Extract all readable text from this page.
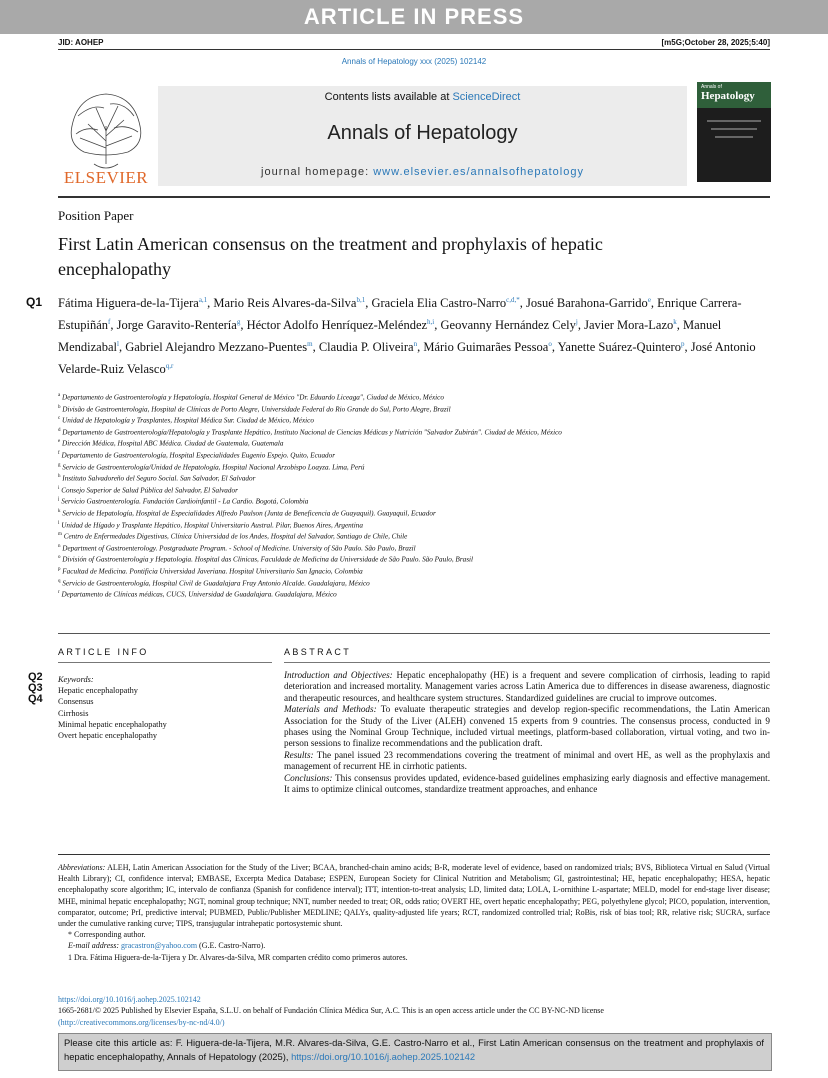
ARTICLE IN PRESS
JID: AOHEP	[m5G;October 28, 2025;5:40]
Annals of Hepatology xxx (2025) 102142
ELSEVIER
Contents lists available at ScienceDirect
Annals of Hepatology
journal homepage: www.elsevier.es/annalsofhepatology
Annals of
Hepatology
Position Paper
First Latin American consensus on the treatment and prophylaxis of hepatic encephalopathy
Q1 Fátima Higuera-de-la-Tijera$^{a,1}$, Mario Reis Alvares-da-Silva$^{b,1}$, Graciela Elia Castro-Narro$^{c,d,*}$, Josué Barahona-Garrido$^e$, Enrique Carrera-Estupiñán$^f$, Jorge Garavito-Rentería$^g$, Héctor Adolfo Henríquez-Meléndez$^{h,i}$, Geovanny Hernández Cely$^j$, Javier Mora-Lazo$^k$, Manuel Mendizabal$^l$, Gabriel Alejandro Mezzano-Puentes$^m$, Claudia P. Oliveira$^n$, Mário Guimarães Pessoa$^o$, Yanette Suárez-Quintero$^p$, José Antonio Velarde-Ruiz Velasco$^{q,r}$
$^a$ Departamento de Gastroenterología y Hepatología, Hospital General de México "Dr. Eduardo Liceaga", Ciudad de México, México
$^b$ Divisão de Gastroenterologia, Hospital de Clínicas de Porto Alegre, Universidade Federal do Rio Grande do Sul, Porto Alegre, Brazil
$^c$ Unidad de Hepatología y Trasplantes, Hospital Médica Sur. Ciudad de México, México
$^d$ Departamento de Gastroenterología/Hepatología y Trasplante Hepático, Instituto Nacional de Ciencias Médicas y Nutrición "Salvador Zubirán". Ciudad de México, México
$^e$ Dirección Médica, Hospital ABC Médica. Ciudad de Guatemala, Guatemala
$^f$ Departamento de Gastroenterología, Hospital Especialidades Eugenio Espejo. Quito, Ecuador
$^g$ Servicio de Gastroenterología/Unidad de Hepatología, Hospital Nacional Arzobispo Loayza. Lima, Perú
$^h$ Instituto Salvadoreño del Seguro Social. San Salvador, El Salvador
$^i$ Consejo Superior de Salud Pública del Salvador, El Salvador
$^j$ Servicio Gastroenterología. Fundación Cardioinfantil - La Cardio. Bogotá, Colombia
$^k$ Servicio de Hepatología, Hospital de Especialidades Alfredo Paulson (Junta de Beneficencia de Guayaquil). Guayaquil, Ecuador
$^l$ Unidad de Hígado y Trasplante Hepático, Hospital Universitario Austral. Pilar, Buenos Aires, Argentina
$^m$ Centro de Enfermedades Digestivas, Clínica Universidad de los Andes, Hospital del Salvador, Santiago de Chile, Chile
$^n$ Department of Gastroenterology. Postgraduate Program. - School of Medicine. University of São Paulo. São Paulo, Brazil
$^o$ División of Gastroenterologia y Hepatologia. Hospital das Clinicas, Faculdade de Medicina da Universidade de São Paulo. São Paulo, Brasil
$^p$ Facultad de Medicina. Pontificia Universidad Javeriana. Hospital Universitario San Ignacio, Colombia
$^q$ Servicio de Gastroenterología, Hospital Civil de Guadalajara Fray Antonio Alcalde. Guadalajara, México
$^r$ Departamento de Clínicas médicas, CUCS, Universidad de Guadalajara. Guadalajara, México
ARTICLE INFO	ABSTRACT
Q2
Q3
Q4
Keywords:
Hepatic encephalopathy
Consensus
Cirrhosis
Minimal hepatic encephalopathy
Overt hepatic encephalopathy

Introduction and Objectives: Hepatic encephalopathy (HE) is a frequent and severe complication of cirrhosis, leading to rapid deterioration and increased mortality. Management varies across Latin America due to differences in disease awareness, diagnostic and therapeutic resources, and healthcare system structures. Standardized guidelines are crucial to improve outcomes.

Materials and Methods: To evaluate therapeutic strategies and develop region-specific recommendations, the Latin American Association for the Study of the Liver (ALEH) convened 15 experts from 9 countries. The consensus process, conducted in 9 phases using the Nominal Group Technique, included virtual meetings, platform-based collaboration, virtual voting, and two in-person sessions to finalize recommendations and the publication draft.

Results: The panel issued 23 recommendations covering the treatment of minimal and overt HE, as well as the prophylaxis and management of recurrent HE in cirrhotic patients.

Conclusions: This consensus provides updated, evidence-based guidelines emphasizing early diagnosis and effective management. It aims to optimize clinical outcomes, standardize treatment approaches, and enhance

Abbreviations: ALEH, Latin American Association for the Study of the Liver; BCAA, branched-chain amino acids; B-R, moderate level of evidence, based on randomized trials; BVS, Biblioteca Virtual en Salud (Virtual Health Library); CI, confidence interval; EMBASE, Excerpta Medica Database; ESPEN, European Society for Clinical Nutrition and Metabolism; GI, gastrointestinal; HE, hepatic encephalopathy; HESA, hepatic encephalopathy score algorithm; IC, intervalo de confianza (Spanish for confidence interval); ITT, intention-to-treat analysis; LD, limited data; LOLA, L-ornithine L-aspartate; MELD, model for end-stage liver disease; MHE, minimal hepatic encephalopathy; NGT, nominal group technique; NNT, number needed to treat; OR, odds ratio; OVERT HE, overt hepatic encephalopathy; PEG, polyethylene glycol; PICO, population, intervention, comparator, outcome; PrI, predictive interval; PUBMED, Public/Publisher MEDLINE; QALYs, quality-adjusted life years; RCT, randomized controlled trial; RoBis, risk of bias tool; RR, relative risk; SUCRA, surface under the cumulative ranking curve; TIPS, transjugular intrahepatic portosystemic shunt.

* Corresponding author.

E-mail address: gracastron@yahoo.com (G.E. Castro-Narro).

1 Dra. Fátima Higuera-de-la-Tijera y Dr. Alvares-da-Silva, MR comparten crédito como primeros autores.

https://doi.org/10.1016/j.aohep.2025.102142
1665-2681/© 2025 Published by Elsevier España, S.L.U. on behalf of Fundación Clínica Médica Sur, A.C. This is an open access article under the CC BY-NC-ND license
(http://creativecommons.org/licenses/by-nc-nd/4.0/)
Please cite this article as: F. Higuera-de-la-Tijera, M.R. Alvares-da-Silva, G.E. Castro-Narro et al., First Latin American consensus on the treatment and prophylaxis of hepatic encephalopathy, Annals of Hepatology (2025), https://doi.org/10.1016/j.aohep.2025.102142
